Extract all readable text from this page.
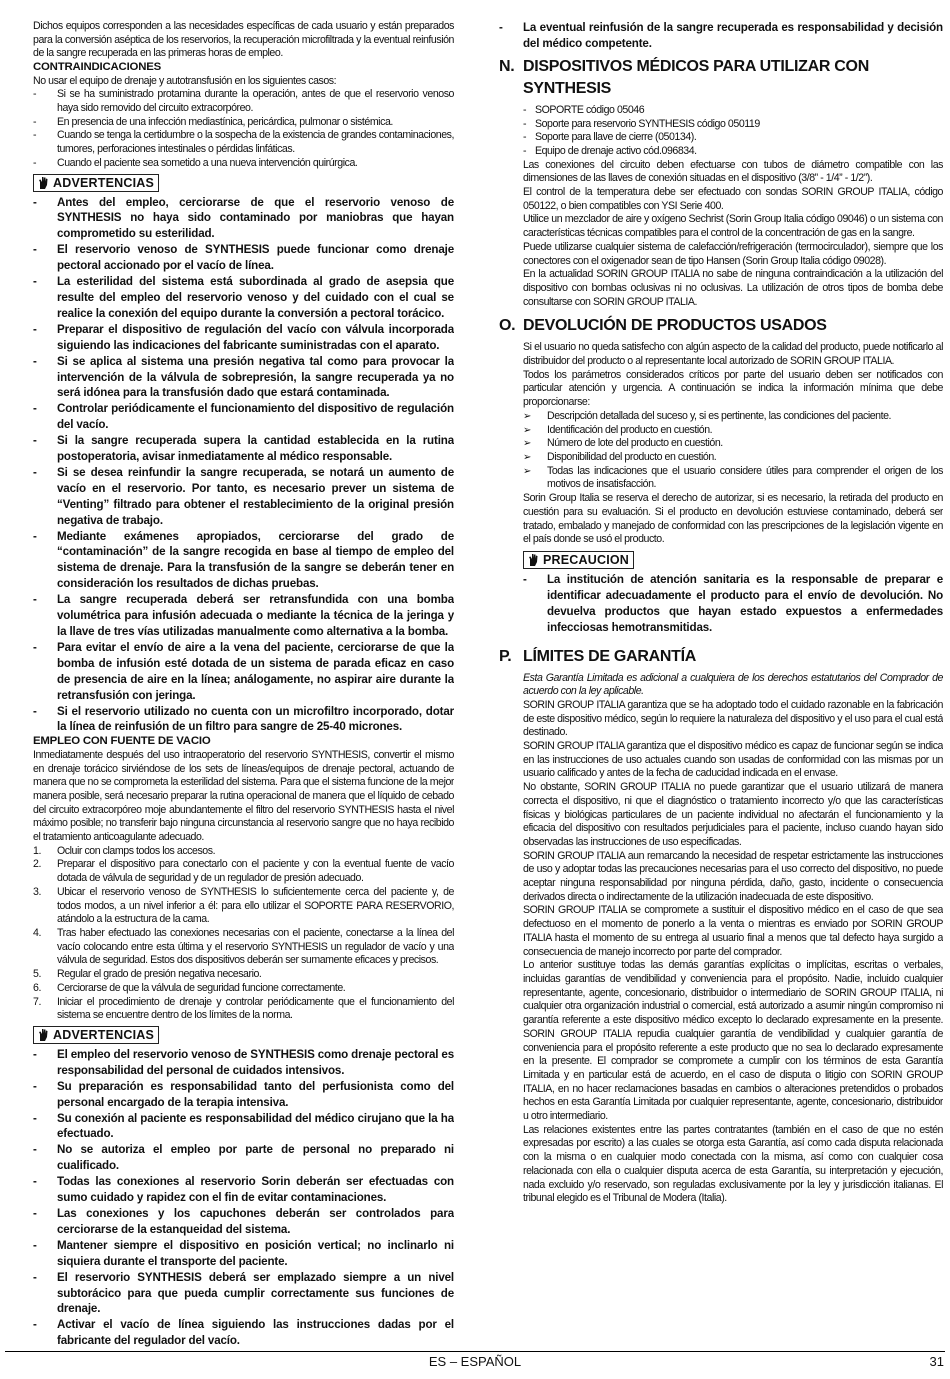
Dichos equipos corresponden a las necesidades específicas de cada usuario y están preparados para la conversión aséptica de los reservorios, la recuperación microfiltrada y la eventual reinfusión de la sangre recuperada en las primeras horas de empleo.

CONTRAINDICACIONES

No usar el equipo de drenaje y autotransfusión en los siguientes casos:

- Si se ha suministrado protamina durante la operación, antes de que el reservorio venoso haya sido removido del circuito extracorpóreo.
- En presencia de una infección mediastínica, pericárdica, pulmonar o sistémica.
- Cuando se tenga la certidumbre o la sospecha de la existencia de grandes contaminaciones, tumores, perforaciones intestinales o pérdidas linfáticas.
- Cuando el paciente sea sometido a una nueva intervención quirúrgica.
ADVERTENCIAS
- Antes del empleo, cerciorarse de que el reservorio venoso de SYNTHESIS no haya sido contaminado por maniobras que hayan comprometido su esterilidad.
- El reservorio venoso de SYNTHESIS puede funcionar como drenaje pectoral accionado por el vacío de línea.
- La esterilidad del sistema está subordinada al grado de asepsia que resulte del empleo del reservorio venoso y del cuidado con el cual se realice la conexión del equipo durante la conversión a pectoral torácico.
- Preparar el dispositivo de regulación del vacío con válvula incorporada siguiendo las indicaciones del fabricante suministradas con el aparato.
- Si se aplica al sistema una presión negativa tal como para provocar la intervención de la válvula de sobrepresión, la sangre recuperada ya no será idónea para la transfusión dado que estará contaminada.
- Controlar periódicamente el funcionamiento del dispositivo de regulación del vacío.
- Si la sangre recuperada supera la cantidad establecida en la rutina postoperatoria, avisar inmediatamente al médico responsable.
- Si se desea reinfundir la sangre recuperada, se notará un aumento de vacío en el reservorio. Por tanto, es necesario prever un sistema de “Venting” filtrado para obtener el restablecimiento de la original presión negativa de trabajo.
- Mediante exámenes apropiados, cerciorarse del grado de “contaminación” de la sangre recogida en base al tiempo de empleo del sistema de drenaje. Para la transfusión de la sangre se deberán tener en consideración los resultados de dichas pruebas.
- La sangre recuperada deberá ser retransfundida con una bomba volumétrica para infusión adecuada o mediante la técnica de la jeringa y la llave de tres vías utilizadas manualmente como alternativa a la bomba.
- Para evitar el envío de aire a la vena del paciente, cerciorarse de que la bomba de infusión esté dotada de un sistema de parada eficaz en caso de presencia de aire en la línea; análogamente, no aspirar aire durante la retransfusión con jeringa.
- Si el reservorio utilizado no cuenta con un microfiltro incorporado, dotar la línea de reinfusión de un filtro para sangre de 25-40 micrones.

EMPLEO CON FUENTE DE VACIO

Inmediatamente después del uso intraoperatorio del reservorio SYNTHESIS, convertir el mismo en drenaje torácico sirviéndose de los sets de líneas/equipos de drenaje pectoral, actuando de manera que no se comprometa la esterilidad del sistema. Para que el sistema funcione de la mejor manera posible, será necesario preparar la rutina operacional de manera que el líquido de cebado del circuito extracorpóreo moje abundantemente el filtro del reservorio SYNTHESIS hasta el nivel máximo posible; no transferir bajo ninguna circunstancia al reservorio sangre que no haya recibido el tratamiento anticoagulante adecuado.

1. Ocluir con clamps todos los accesos.
2. Preparar el dispositivo para conectarlo con el paciente y con la eventual fuente de vacío dotada de válvula de seguridad y de un regulador de presión adecuado.
3. Ubicar el reservorio venoso de SYNTHESIS lo suficientemente cerca del paciente y, de todos modos, a un nivel inferior a él: para ello utilizar el SOPORTE PARA RESERVORIO, atándolo a la estructura de la cama.
4. Tras haber efectuado las conexiones necesarias con el paciente, conectarse a la línea del vacío colocando entre esta última y el reservorio SYNTHESIS un regulador de vacío y una válvula de seguridad. Estos dos dispositivos deberán ser sumamente eficaces y precisos.
5. Regular el grado de presión negativa necesario.
6. Cerciorarse de que la válvula de seguridad funcione correctamente.
7. Iniciar el procedimiento de drenaje y controlar periódicamente que el funcionamiento del sistema se encuentre dentro de los límites de la norma.
ADVERTENCIAS
- El empleo del reservorio venoso de SYNTHESIS como drenaje pectoral es responsabilidad del personal de cuidados intensivos.
- Su preparación es responsabilidad tanto del perfusionista como del personal encargado de la terapia intensiva.
- Su conexión al paciente es responsabilidad del médico cirujano que la ha efectuado.
- No se autoriza el empleo por parte de personal no preparado ni cualificado.
- Todas las conexiones al reservorio Sorin deberán ser efectuadas con sumo cuidado y rapidez con el fin de evitar contaminaciones.
- Las conexiones y los capuchones deberán ser controlados para cerciorarse de la estanqueidad del sistema.
- Mantener siempre el dispositivo en posición vertical; no inclinarlo ni siquiera durante el transporte del paciente.
- El reservorio SYNTHESIS deberá ser emplazado siempre a un nivel subtorácico para que pueda cumplir correctamente sus funciones de drenaje.
- Activar el vacío de línea siguiendo las instrucciones dadas por el fabricante del regulador del vacío.
- La eventual reinfusión de la sangre recuperada es responsabilidad y decisión del médico competente.
N. DISPOSITIVOS MÉDICOS PARA UTILIZAR CON SYNTHESIS
- SOPORTE código 05046
- Soporte para reservorio SYNTHESIS código 050119
- Soporte para llave de cierre (050134).
- Equipo de drenaje activo cód.096834.

Las conexiones del circuito deben efectuarse con tubos de diámetro compatible con las dimensiones de las llaves de conexión situadas en el dispositivo (3/8” - 1/4” - 1/2”).

El control de la temperatura debe ser efectuado con sondas SORIN GROUP ITALIA, código 050122, o bien compatibles con YSI Serie 400.

Utilice un mezclador de aire y oxígeno Sechrist (Sorin Group Italia código 09046) o un sistema con características técnicas compatibles para el control de la concentración de gas en la sangre.

Puede utilizarse cualquier sistema de calefacción/refrigeración (termocirculador), siempre que los conectores con el oxigenador sean de tipo Hansen (Sorin Group Italia código 09028).

En la actualidad SORIN GROUP ITALIA no sabe de ninguna contraindicación a la utilización del dispositivo con bombas oclusivas ni no oclusivas. La utilización de otros tipos de bomba debe consultarse con SORIN GROUP ITALIA.

O. DEVOLUCIÓN DE PRODUCTOS USADOS

Si el usuario no queda satisfecho con algún aspecto de la calidad del producto, puede notificarlo al distribuidor del producto o al representante local autorizado de SORIN GROUP ITALIA.

Todos los parámetros considerados críticos por parte del usuario deben ser notificados con particular atención y urgencia. A continuación se indica la información mínima que debe proporcionarse:

➢ Descripción detallada del suceso y, si es pertinente, las condiciones del paciente.
➢ Identificación del producto en cuestión.
➢ Número de lote del producto en cuestión.
➢ Disponibilidad del producto en cuestión.
➢ Todas las indicaciones que el usuario considere útiles para comprender el origen de los motivos de insatisfacción.

Sorin Group Italia se reserva el derecho de autorizar, si es necesario, la retirada del producto en cuestión para su evaluación. Si el producto en devolución estuviese contaminado, deberá ser tratado, embalado y manejado de conformidad con las prescripciones de la legislación vigente en el país donde se usó el producto.

PRECAUCION
- La institución de atención sanitaria es la responsable de preparar e identificar adecuadamente el producto para el envío de devolución. No devuelva productos que hayan estado expuestos a enfermedades infecciosas hemotransmitidas.
P. LÍMITES DE GARANTÍA

Esta Garantía Limitada es adicional a cualquiera de los derechos estatutarios del Comprador de acuerdo con la ley aplicable.

SORIN GROUP ITALIA garantiza que se ha adoptado todo el cuidado razonable en la fabricación de este dispositivo médico, según lo requiere la naturaleza del dispositivo y el uso para el cual está destinado.

SORIN GROUP ITALIA garantiza que el dispositivo médico es capaz de funcionar según se indica en las instrucciones de uso actuales cuando son usadas de conformidad con las mismas por un usuario calificado y antes de la fecha de caducidad indicada en el envase.

No obstante, SORIN GROUP ITALIA no puede garantizar que el usuario utilizará de manera correcta el dispositivo, ni que el diagnóstico o tratamiento incorrecto y/o que las características físicas y biológicas particulares de un paciente individual no afectarán el funcionamiento y la eficacia del dispositivo con resultados perjudiciales para el paciente, incluso cuando hayan sido observadas las instrucciones de uso especificadas.

SORIN GROUP ITALIA aun remarcando la necesidad de respetar estrictamente las instrucciones de uso y adoptar todas las precauciones necesarias para el uso correcto del dispositivo, no puede aceptar ninguna responsabilidad por ninguna pérdida, daño, gasto, incidente o consecuencia derivados directa o indirectamente de la utilización inadecuada de este dispositivo.

SORIN GROUP ITALIA se compromete a sustituir el dispositivo médico en el caso de que sea defectuoso en el momento de ponerlo a la venta o mientras es enviado por SORIN GROUP ITALIA hasta el momento de su entrega al usuario final a menos que tal defecto haya surgido a consecuencia de manejo incorrecto por parte del comprador.

Lo anterior sustituye todas las demás garantías explícitas o implícitas, escritas o verbales, incluidas garantías de vendibilidad y conveniencia para el propósito. Nadie, incluido cualquier representante, agente, concesionario, distribuidor o intermediario de SORIN GROUP ITALIA, ni cualquier otra organización industrial o comercial, está autorizado a asumir ningún compromiso ni garantía referente a este dispositivo médico excepto lo declarado expresamente en la presente. SORIN GROUP ITALIA repudia cualquier garantía de vendibilidad y cualquier garantía de conveniencia para el propósito referente a este producto que no sea lo declarado expresamente en la presente. El comprador se compromete a cumplir con los términos de esta Garantía Limitada y en particular está de acuerdo, en el caso de disputa o litigio con SORIN GROUP ITALIA, en no hacer reclamaciones basadas en cambios o alteraciones pretendidos o probados hechos en esta Garantía Limitada por cualquier representante, agente, concesionario, distribuidor u otro intermediario.

Las relaciones existentes entre las partes contratantes (también en el caso de que no estén expresadas por escrito) a las cuales se otorga esta Garantía, así como cada disputa relacionada con la misma o en cualquier modo conectada con la misma, así como con cualquier cosa relacionada con ella o cualquier disputa acerca de esta Garantía, su interpretación y ejecución, nada excluido y/o reservado, son reguladas exclusivamente por la ley y jurisdicción italianas. El tribunal elegido es el Tribunal de Modera (Italia).

ES – ESPAÑOL	31
